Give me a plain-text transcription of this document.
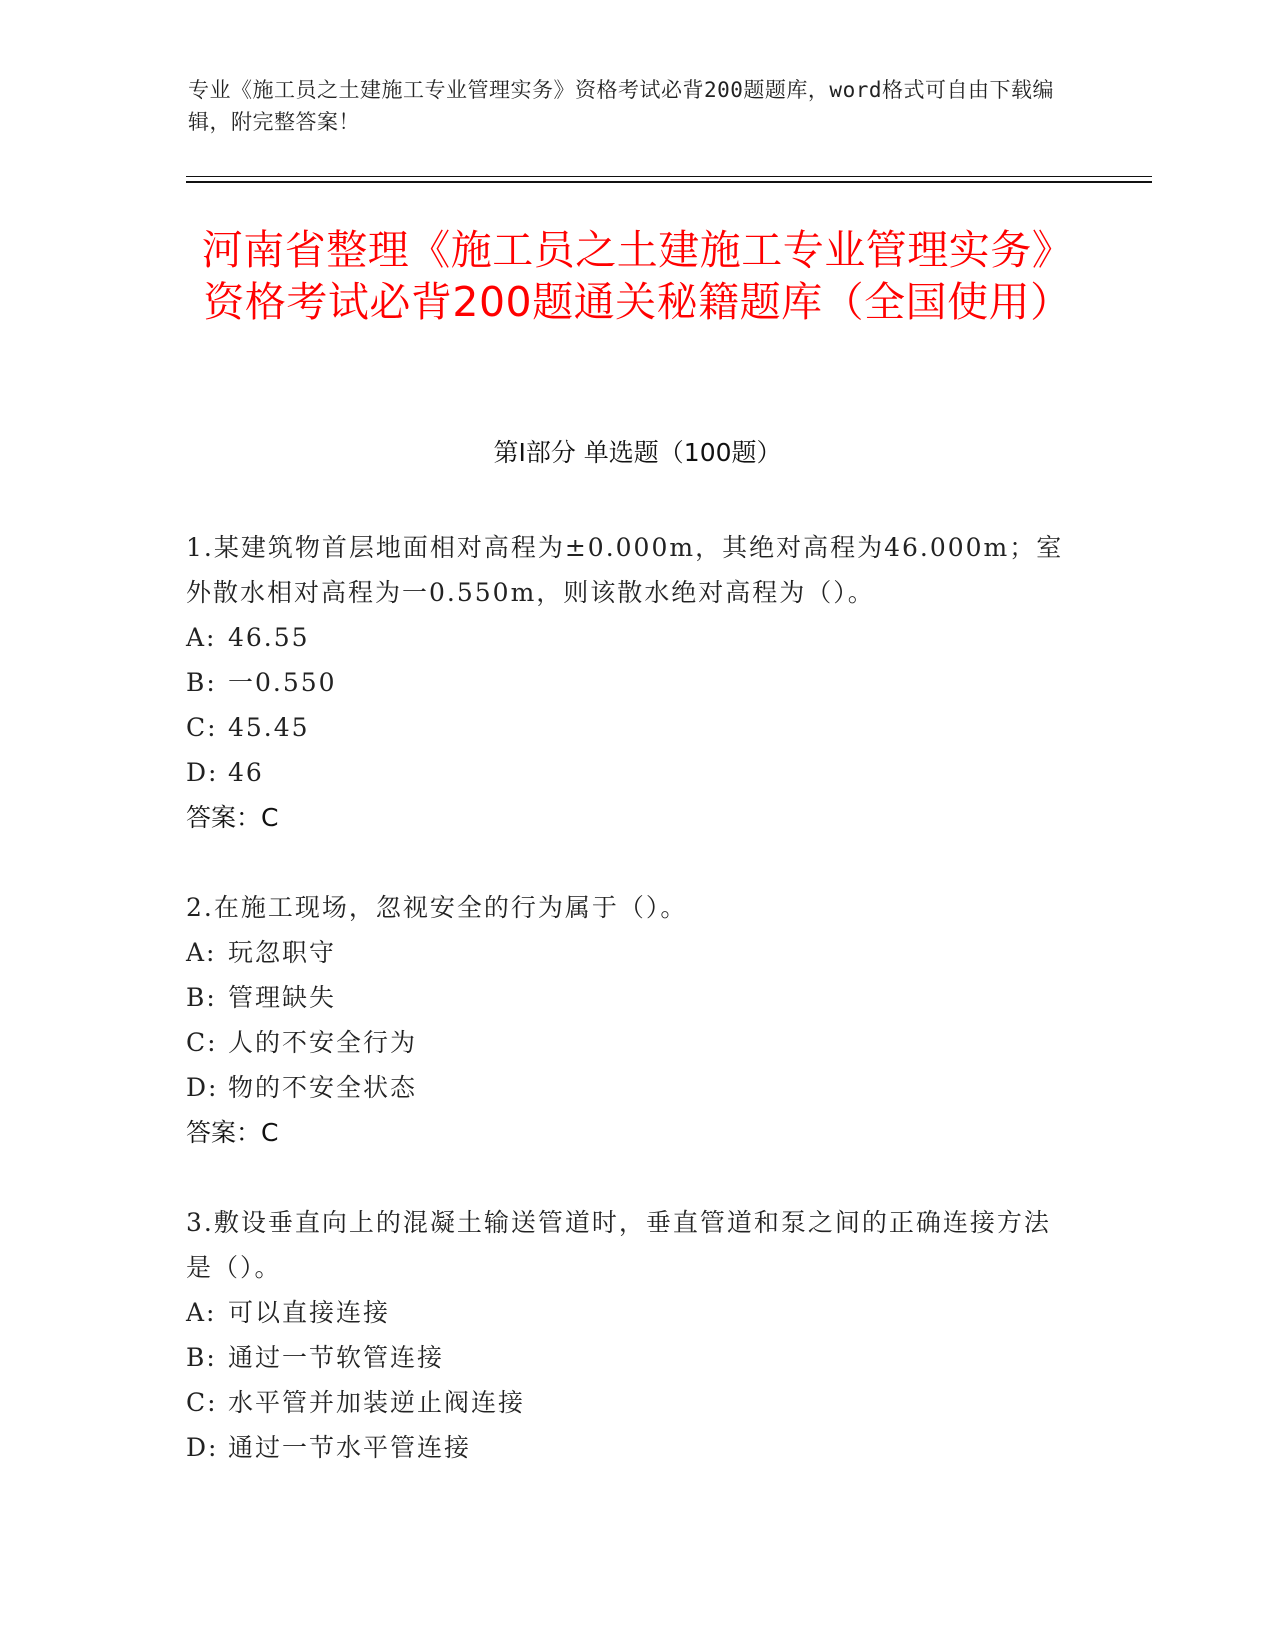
专业《施工员之土建施工专业管理实务》资格考试必背200题题库，word格式可自由下载编辑，附完整答案！
河南省整理《施工员之土建施工专业管理实务》资格考试必背200题通关秘籍题库（全国使用）
第Ⅰ部分 单选题（100题）
1.某建筑物首层地面相对高程为±0.000m，其绝对高程为46.000m；室外散水相对高程为一0.550m，则该散水绝对高程为（）。
A: 46.55
B: 一0.550
C: 45.45
D: 46
答案：C
2.在施工现场，忽视安全的行为属于（）。
A: 玩忽职守
B: 管理缺失
C: 人的不安全行为
D: 物的不安全状态
答案：C
3.敷设垂直向上的混凝土输送管道时，垂直管道和泵之间的正确连接方法是（）。
A: 可以直接连接
B: 通过一节软管连接
C: 水平管并加装逆止阀连接
D: 通过一节水平管连接
